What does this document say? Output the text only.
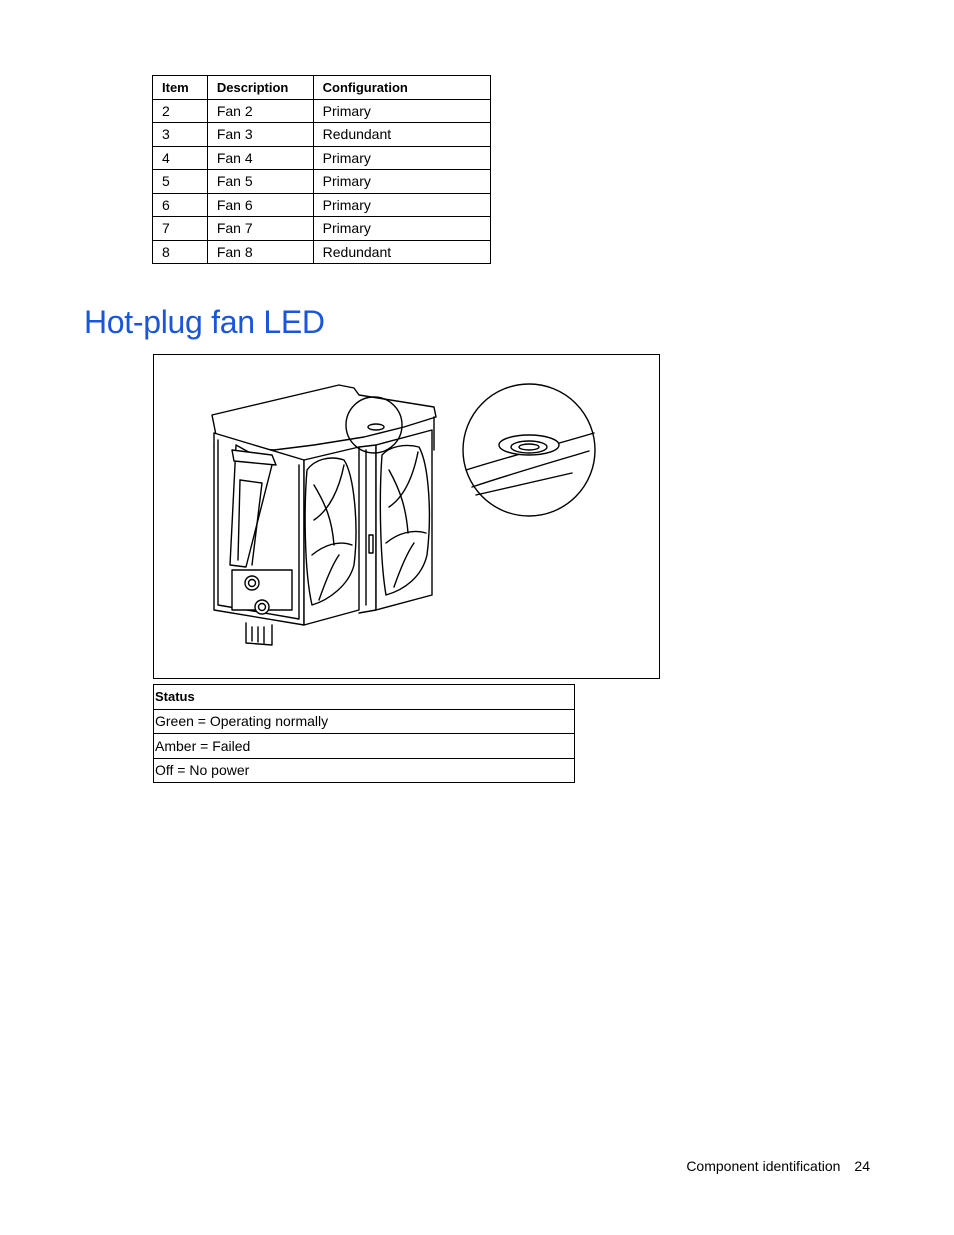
Item	Description	Configuration
2	Fan 2	Primary
3	Fan 3	Redundant
4	Fan 4	Primary
5	Fan 5	Primary
6	Fan 6	Primary
7	Fan 7	Primary
8	Fan 8	Redundant
Hot-plug fan LED
Status
Green = Operating normally
Amber = Failed
Off = No power
Component identification 24
